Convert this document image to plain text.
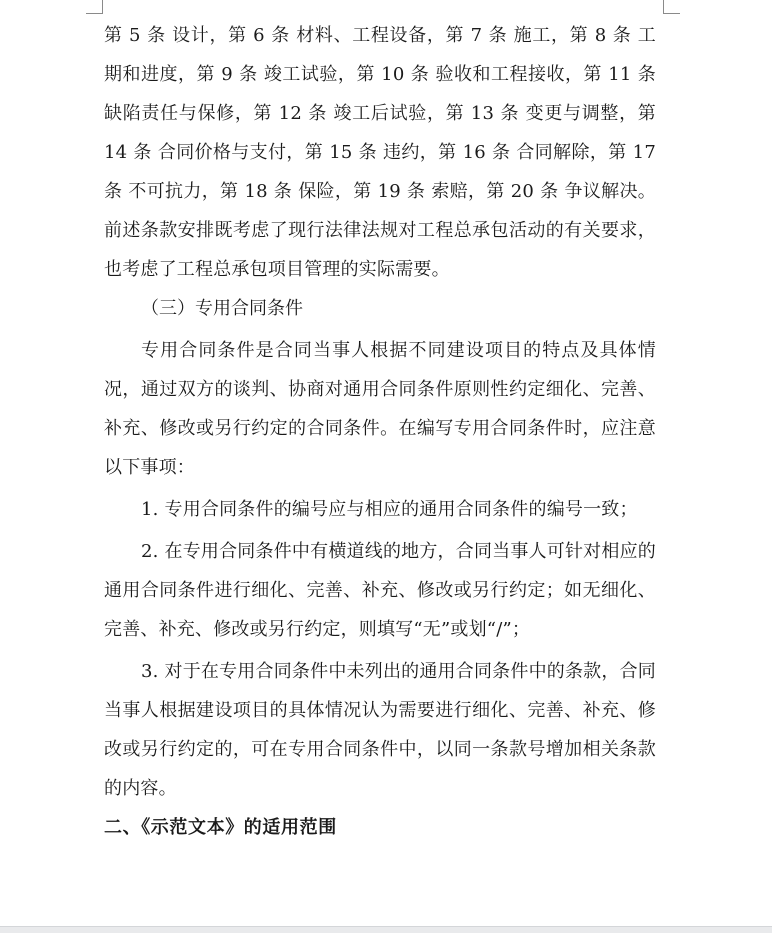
第 5 条 设计，第 6 条 材料、工程设备，第 7 条 施工，第 8 条 工期和进度，第 9 条 竣工试验，第 10 条 验收和工程接收，第 11 条 缺陷责任与保修，第 12 条 竣工后试验，第 13 条 变更与调整，第 14 条 合同价格与支付，第 15 条 违约，第 16 条 合同解除，第 17 条 不可抗力，第 18 条 保险，第 19 条 索赔，第 20 条 争议解决。前述条款安排既考虑了现行法律法规对工程总承包活动的有关要求，也考虑了工程总承包项目管理的实际需要。

（三）专用合同条件

专用合同条件是合同当事人根据不同建设项目的特点及具体情况，通过双方的谈判、协商对通用合同条件原则性约定细化、完善、补充、修改或另行约定的合同条件。在编写专用合同条件时，应注意以下事项：

1. 专用合同条件的编号应与相应的通用合同条件的编号一致；

2. 在专用合同条件中有横道线的地方，合同当事人可针对相应的通用合同条件进行细化、完善、补充、修改或另行约定；如无细化、完善、补充、修改或另行约定，则填写“无”或划“/”；

3. 对于在专用合同条件中未列出的通用合同条件中的条款，合同当事人根据建设项目的具体情况认为需要进行细化、完善、补充、修改或另行约定的，可在专用合同条件中，以同一条款号增加相关条款的内容。

二、《示范文本》的适用范围
